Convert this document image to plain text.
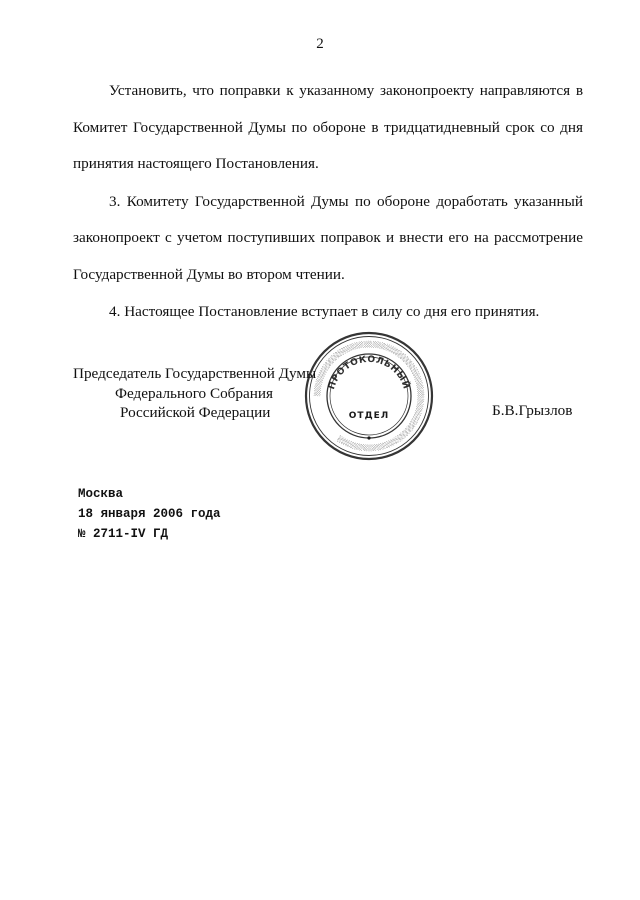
2

Установить, что поправки к указанному законопроекту направляются в Комитет Государственной Думы по обороне в тридцатидневный срок со дня принятия настоящего Постановления.

3. Комитету Государственной Думы по обороне доработать указанный законопроект с учетом поступивших поправок и внести его на рассмотрение Государственной Думы во втором чтении.

4. Настоящее Постановление вступает в силу со дня его принятия.

Председатель Государственной Думы
Федерального Собрания
Российской Федерации	Б.В.Грызлов
░░░░░░░░░░░░░░░░░░░░░░░░░░░░░░░░░░░░░░░░░░░░░░░░░░░░░░░░░░░░░░
ПРОТОКОЛЬНЫЙ
ОТДЕЛ
Москва
18 января 2006 года
№ 2711-IV ГД
